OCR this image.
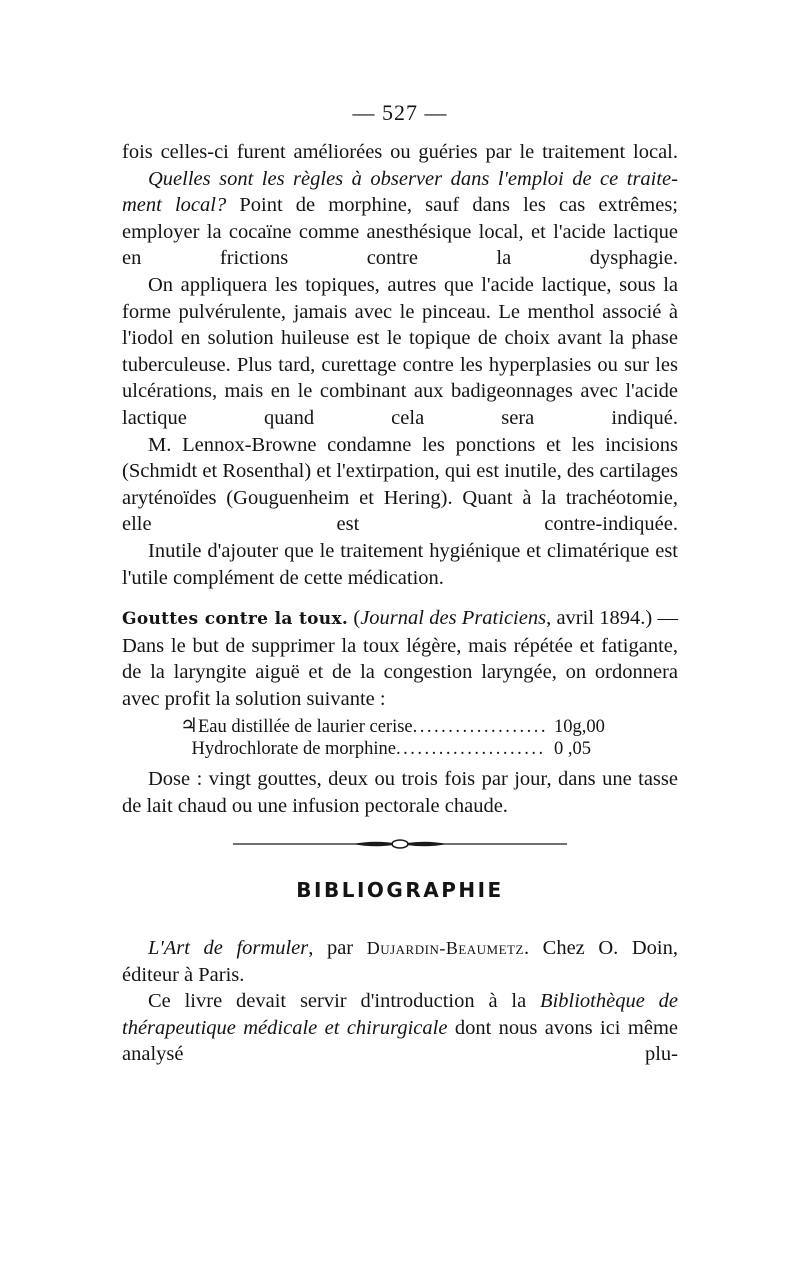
— 527 —

fois celles-ci furent améliorées ou guéries par le traitement local.

Quelles sont les règles à observer dans l'emploi de ce traite- ment local? Point de morphine, sauf dans les cas extrêmes; employer la cocaïne comme anesthésique local, et l'acide lactique en frictions contre la dysphagie.

On appliquera les topiques, autres que l'acide lactique, sous la forme pulvérulente, jamais avec le pinceau. Le menthol associé à l'iodol en solution huileuse est le topique de choix avant la phase tuberculeuse. Plus tard, curettage contre les hyperplasies ou sur les ulcérations, mais en le combinant aux badigeonnages avec l'acide lactique quand cela sera indiqué.

M. Lennox-Browne condamne les ponctions et les incisions (Schmidt et Rosenthal) et l'extirpation, qui est inutile, des cartilages aryténoïdes (Gouguenheim et Hering). Quant à la trachéotomie, elle est contre-indiquée.

Inutile d'ajouter que le traitement hygiénique et climatérique est l'utile complément de cette médication.

Gouttes contre la toux. (Journal des Praticiens, avril 1894.) — Dans le but de supprimer la toux légère, mais répétée et fatigante, de la laryngite aiguë et de la congestion laryngée, on ordonnera avec profit la solution suivante :

♃ Eau distillée de laurier cerise .....	10g,00
Hydrochlorate de morphine .....	0 ,05

Dose : vingt gouttes, deux ou trois fois par jour, dans une tasse de lait chaud ou une infusion pectorale chaude.

BIBLIOGRAPHIE

L'Art de formuler, par Dujardin-Beaumetz. Chez O. Doin, éditeur à Paris.

Ce livre devait servir d'introduction à la Bibliothèque de thérapeutique médicale et chirurgicale dont nous avons ici même analysé plu-
